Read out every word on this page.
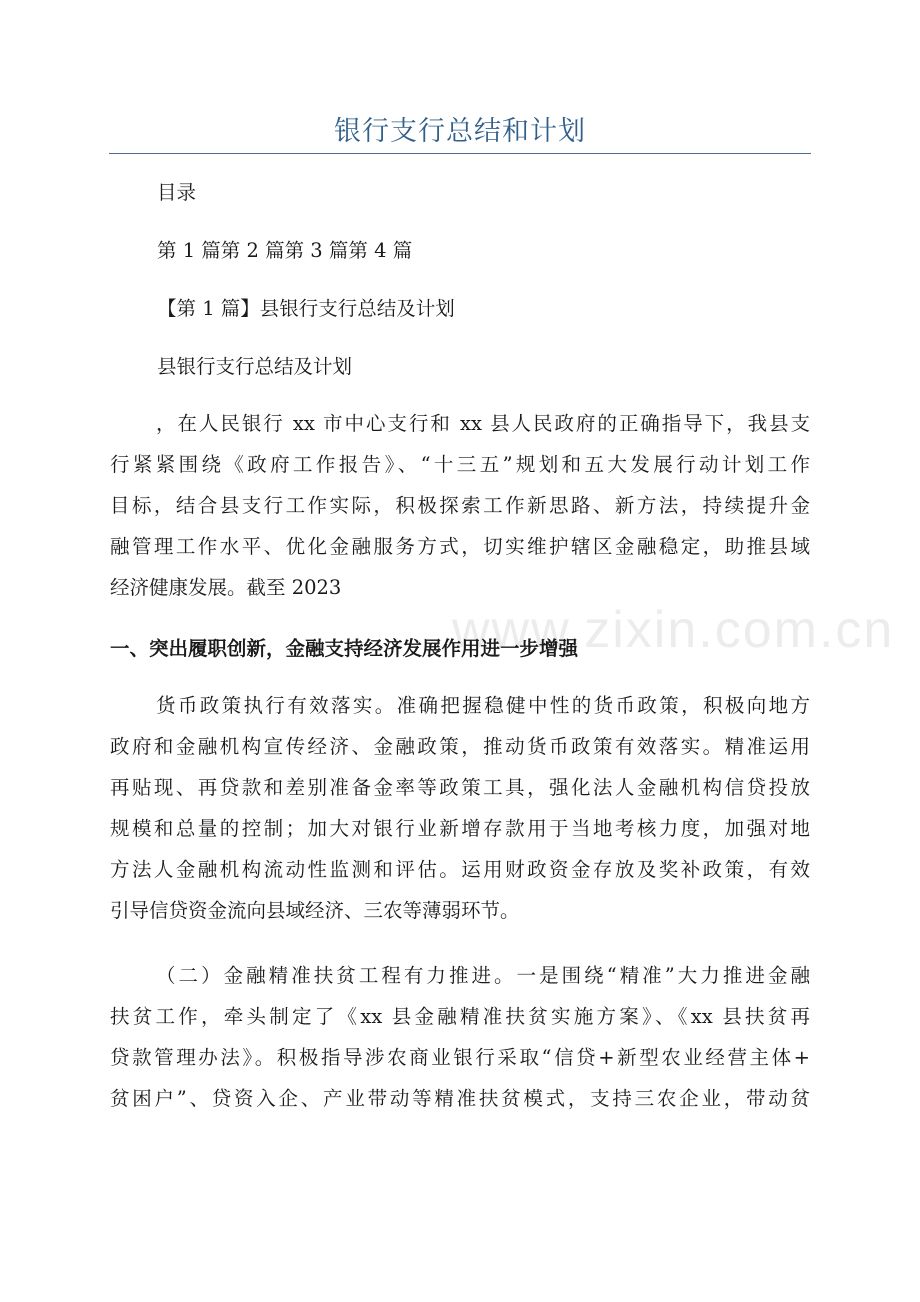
银行支行总结和计划
目录
第 1 篇第 2 篇第 3 篇第 4 篇
【第 1 篇】县银行支行总结及计划
县银行支行总结及计划
，在人民银行 xx 市中心支行和 xx 县人民政府的正确指导下，我县支
行紧紧围绕《政府工作报告》、“十三五”规划和五大发展行动计划工作
目标，结合县支行工作实际，积极探索工作新思路、新方法，持续提升金
融管理工作水平、优化金融服务方式，切实维护辖区金融稳定，助推县域
经济健康发展。截至 2023
www.zixin.com.cn
一、突出履职创新，金融支持经济发展作用进一步增强
货币政策执行有效落实。准确把握稳健中性的货币政策，积极向地方
政府和金融机构宣传经济、金融政策，推动货币政策有效落实。精准运用
再贴现、再贷款和差别准备金率等政策工具，强化法人金融机构信贷投放
规模和总量的控制；加大对银行业新增存款用于当地考核力度，加强对地
方法人金融机构流动性监测和评估。运用财政资金存放及奖补政策，有效
引导信贷资金流向县域经济、三农等薄弱环节。
（二）金融精准扶贫工程有力推进。一是围绕“精准”大力推进金融
扶贫工作，牵头制定了《xx 县金融精准扶贫实施方案》、《xx 县扶贫再
贷款管理办法》。积极指导涉农商业银行采取“信贷+新型农业经营主体+
贫困户”、贷资入企、产业带动等精准扶贫模式，支持三农企业，带动贫
